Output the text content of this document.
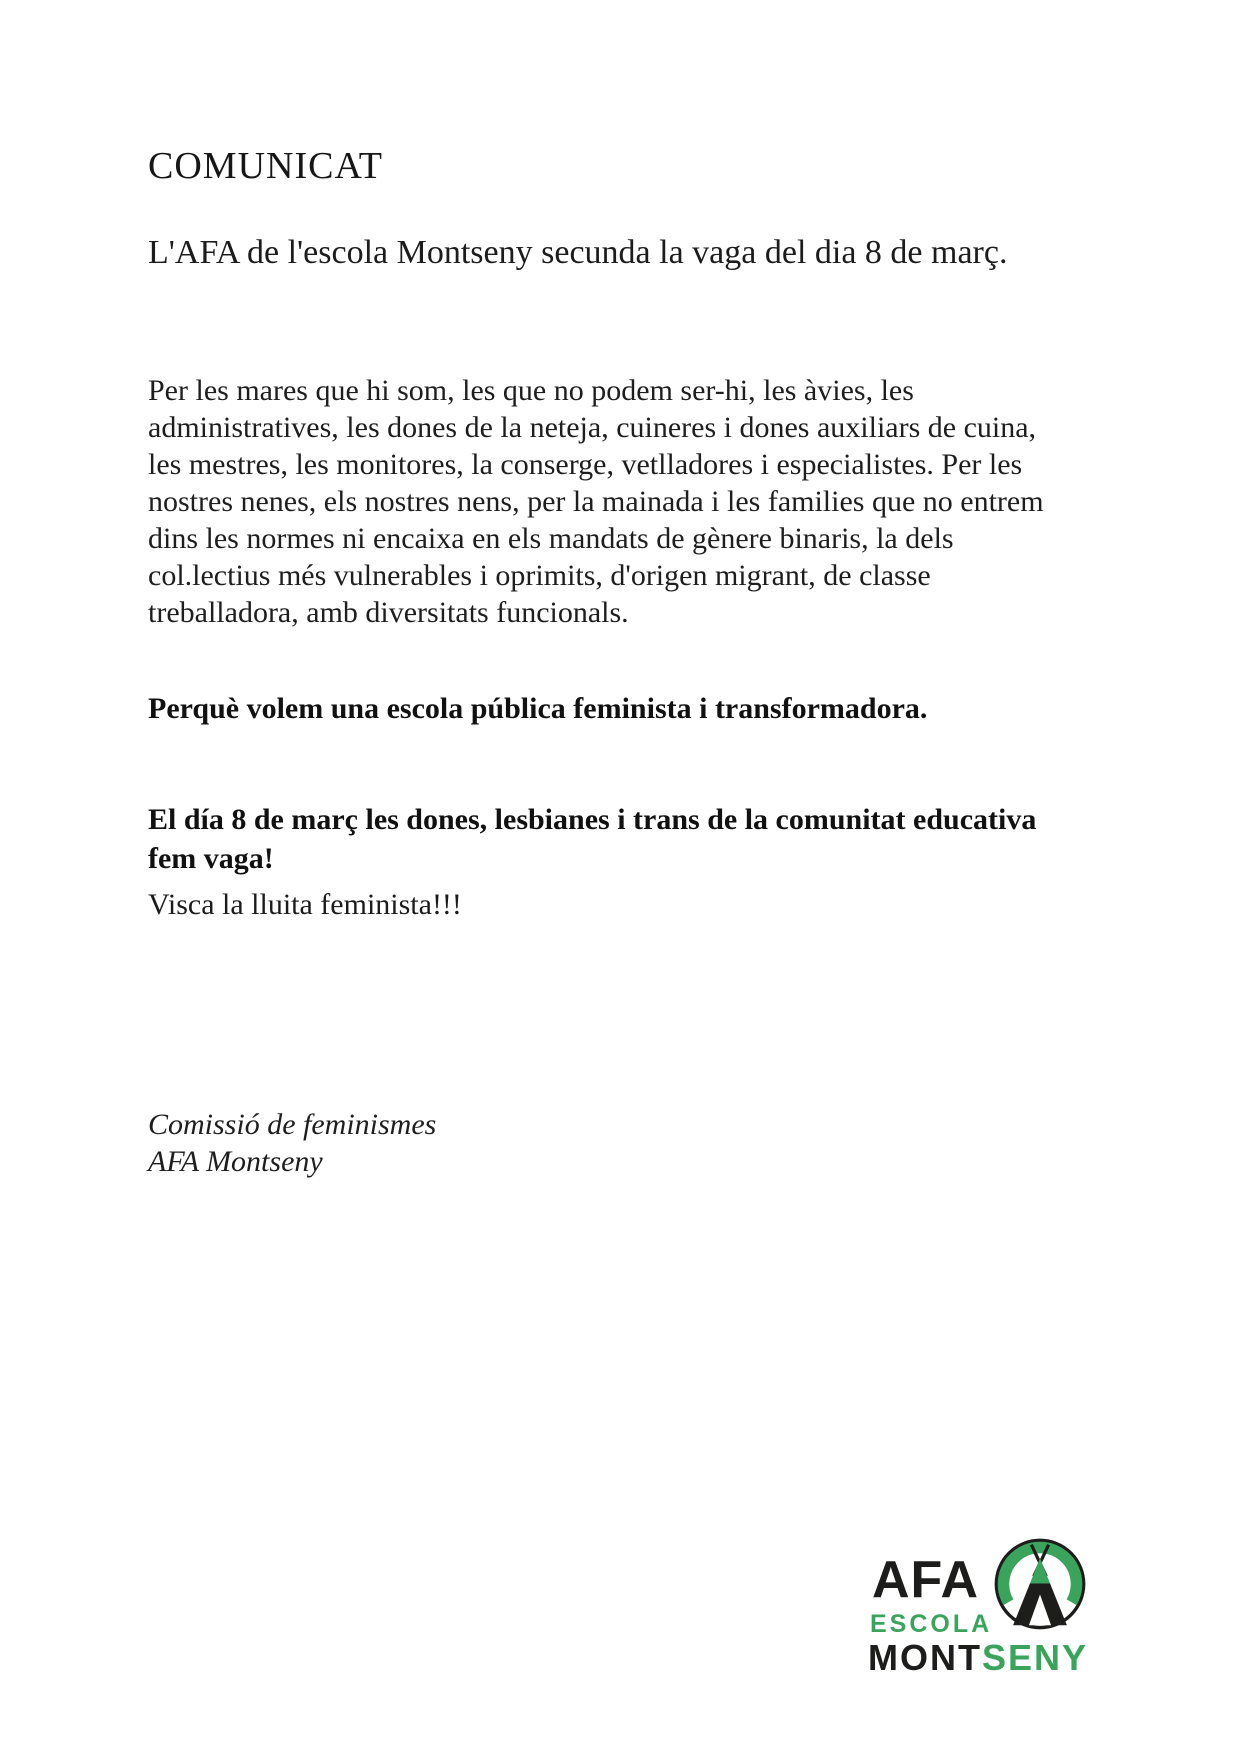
COMUNICAT

L'AFA de l'escola Montseny secunda la vaga del dia 8 de març.

Per les mares que hi som, les que no podem ser-hi, les àvies, les
administratives, les dones de la neteja, cuineres i dones auxiliars de cuina,
les mestres, les monitores, la conserge, vetlladores i especialistes. Per les
nostres nenes, els nostres nens, per la mainada i les families que no entrem
dins les normes ni encaixa en els mandats de gènere binaris, la dels
col.lectius més vulnerables i oprimits, d'origen migrant, de classe
treballadora, amb diversitats funcionals.

Perquè volem una escola pública feminista i transformadora.

El día 8 de març les dones, lesbianes i trans de la comunitat educativa
fem vaga!

Visca la lluita feminista!!!

Comissió de feminismes
AFA Montseny
AFA
ESCOLA
MONTSENY
